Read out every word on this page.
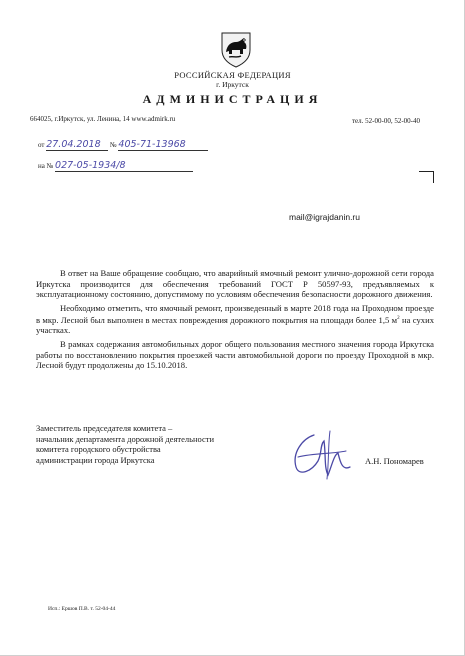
РОССИЙСКАЯ ФЕДЕРАЦИЯ
г. Иркутск
АДМИНИСТРАЦИЯ
664025, г.Иркутск, ул. Ленина, 14 www.admirk.ru	тел. 52-00-00, 52-00-40
от 27.04.2018 № 405-71-13968
на № 027-05-1934/8
mail@igrajdanin.ru

В ответ на Ваше обращение сообщаю, что аварийный ямочный ремонт улично-дорожной сети города Иркутска производится для обеспечения требований ГОСТ Р 50597-93, предъявляемых к эксплуатационному состоянию, допустимому по условиям обеспечения безопасности дорожного движения.

Необходимо отметить, что ямочный ремонт, произведенный в марте 2018 года на Проходном проезде в мкр. Лесной был выполнен в местах повреждения дорожного покрытия на площади более 1,5 $м^2$ на сухих участках.

В рамках содержания автомобильных дорог общего пользования местного значения города Иркутска работы по восстановлению покрытия проезжей части автомобильной дороги по проезду Проходной в мкр. Лесной будут продолжены до 15.10.2018.

Заместитель председателя комитета –
начальник департамента дорожной деятельности
комитета городского обустройства
администрации города Иркутска	А.Н. Пономарев
Исп.: Ершов П.В. т. 52-04-44
